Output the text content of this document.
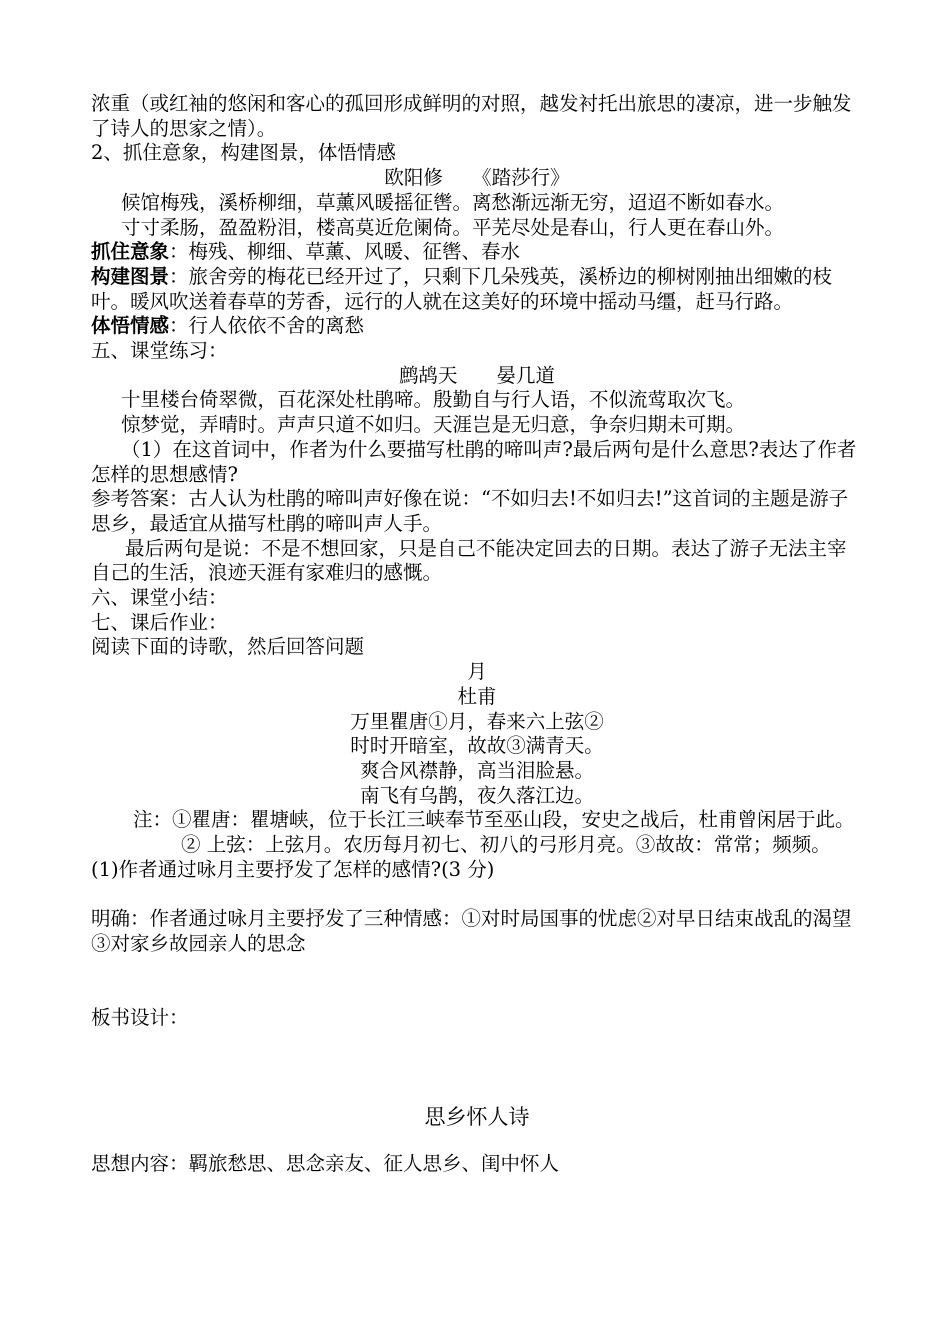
浓重（或红袖的悠闲和客心的孤回形成鲜明的对照，越发衬托出旅思的凄凉，进一步触发了诗人的思家之情）。

2、抓住意象，构建图景，体悟情感

欧阳修　　《踏莎行》

候馆梅残，溪桥柳细，草薰风暖摇征辔。离愁渐远渐无穷，迢迢不断如春水。

寸寸柔肠，盈盈粉泪，楼高莫近危阑倚。平芜尽处是春山，行人更在春山外。

抓住意象：梅残、柳细、草薰、风暖、征辔、春水

构建图景：旅舍旁的梅花已经开过了，只剩下几朵残英，溪桥边的柳树刚抽出细嫩的枝叶。暖风吹送着春草的芳香，远行的人就在这美好的环境中摇动马缰，赶马行路。

体悟情感：行人依依不舍的离愁

五、课堂练习：

鹧鸪天　　晏几道

十里楼台倚翠微，百花深处杜鹃啼。殷勤自与行人语，不似流莺取次飞。

惊梦觉，弄晴时。声声只道不如归。天涯岂是无归意，争奈归期未可期。

（1）在这首词中，作者为什么要描写杜鹃的啼叫声?最后两句是什么意思?表达了作者怎样的思想感情?

参考答案：古人认为杜鹃的啼叫声好像在说：“不如归去!不如归去!”这首词的主题是游子思乡，最适宜从描写杜鹃的啼叫声人手。

最后两句是说：不是不想回家，只是自己不能决定回去的日期。表达了游子无法主宰自己的生活，浪迹天涯有家难归的感慨。

六、课堂小结：

七、课后作业：

阅读下面的诗歌，然后回答问题

月

杜甫

万里瞿唐①月，春来六上弦②

时时开暗室，故故③满青天。

爽合风襟静，高当泪脸悬。

南飞有乌鹊，夜久落江边。

注：①瞿唐：瞿塘峡，位于长江三峡奉节至巫山段，安史之战后，杜甫曾闲居于此。

② 上弦：上弦月。农历每月初七、初八的弓形月亮。③故故：常常；频频。

(1)作者通过咏月主要抒发了怎样的感情?(3 分)

明确：作者通过咏月主要抒发了三种情感：①对时局国事的忧虑②对早日结束战乱的渴望③对家乡故园亲人的思念

板书设计：

思乡怀人诗

思想内容：羁旅愁思、思念亲友、征人思乡、闺中怀人
